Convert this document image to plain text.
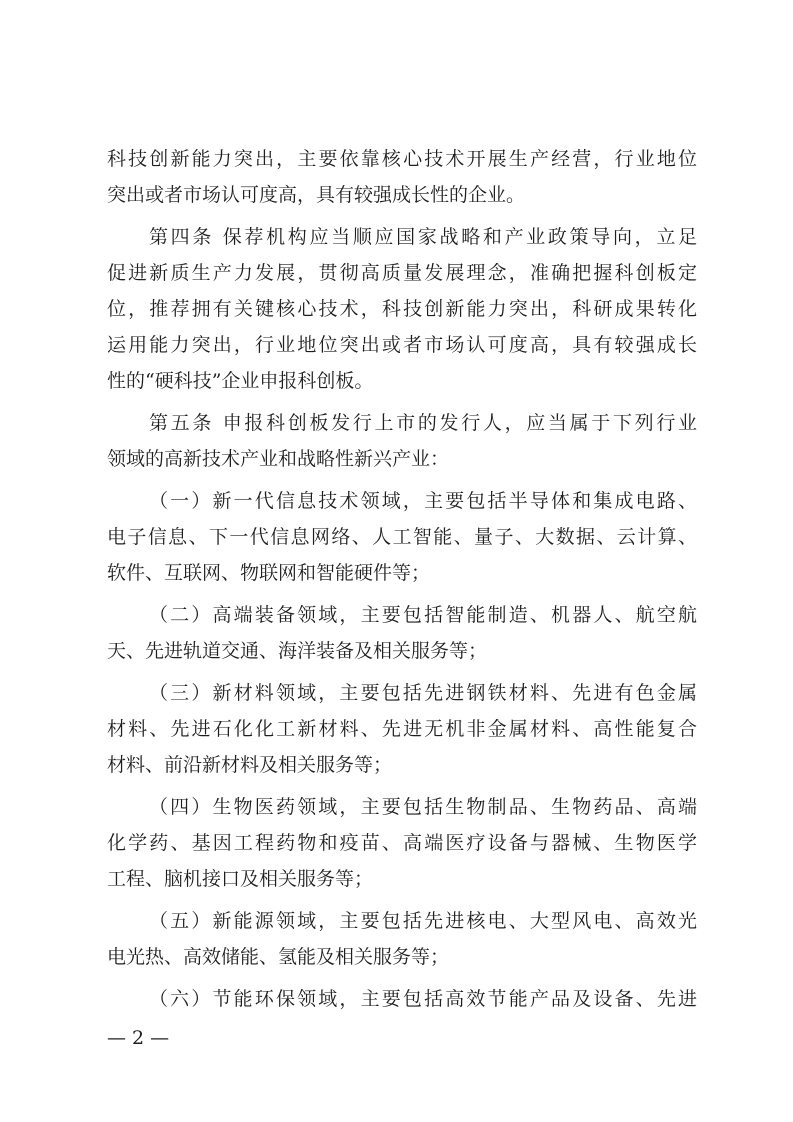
科技创新能力突出，主要依靠核心技术开展生产经营，行业地位
突出或者市场认可度高，具有较强成长性的企业。
第四条 保荐机构应当顺应国家战略和产业政策导向，立足
促进新质生产力发展，贯彻高质量发展理念，准确把握科创板定
位，推荐拥有关键核心技术，科技创新能力突出，科研成果转化
运用能力突出，行业地位突出或者市场认可度高，具有较强成长
性的“硬科技”企业申报科创板。
第五条 申报科创板发行上市的发行人，应当属于下列行业
领域的高新技术产业和战略性新兴产业：
（一）新一代信息技术领域，主要包括半导体和集成电路、
电子信息、下一代信息网络、人工智能、量子、大数据、云计算、
软件、互联网、物联网和智能硬件等；
（二）高端装备领域，主要包括智能制造、机器人、航空航
天、先进轨道交通、海洋装备及相关服务等；
（三）新材料领域，主要包括先进钢铁材料、先进有色金属
材料、先进石化化工新材料、先进无机非金属材料、高性能复合
材料、前沿新材料及相关服务等；
（四）生物医药领域，主要包括生物制品、生物药品、高端
化学药、基因工程药物和疫苗、高端医疗设备与器械、生物医学
工程、脑机接口及相关服务等；
（五）新能源领域，主要包括先进核电、大型风电、高效光
电光热、高效储能、氢能及相关服务等；
（六）节能环保领域，主要包括高效节能产品及设备、先进
— 2 —
